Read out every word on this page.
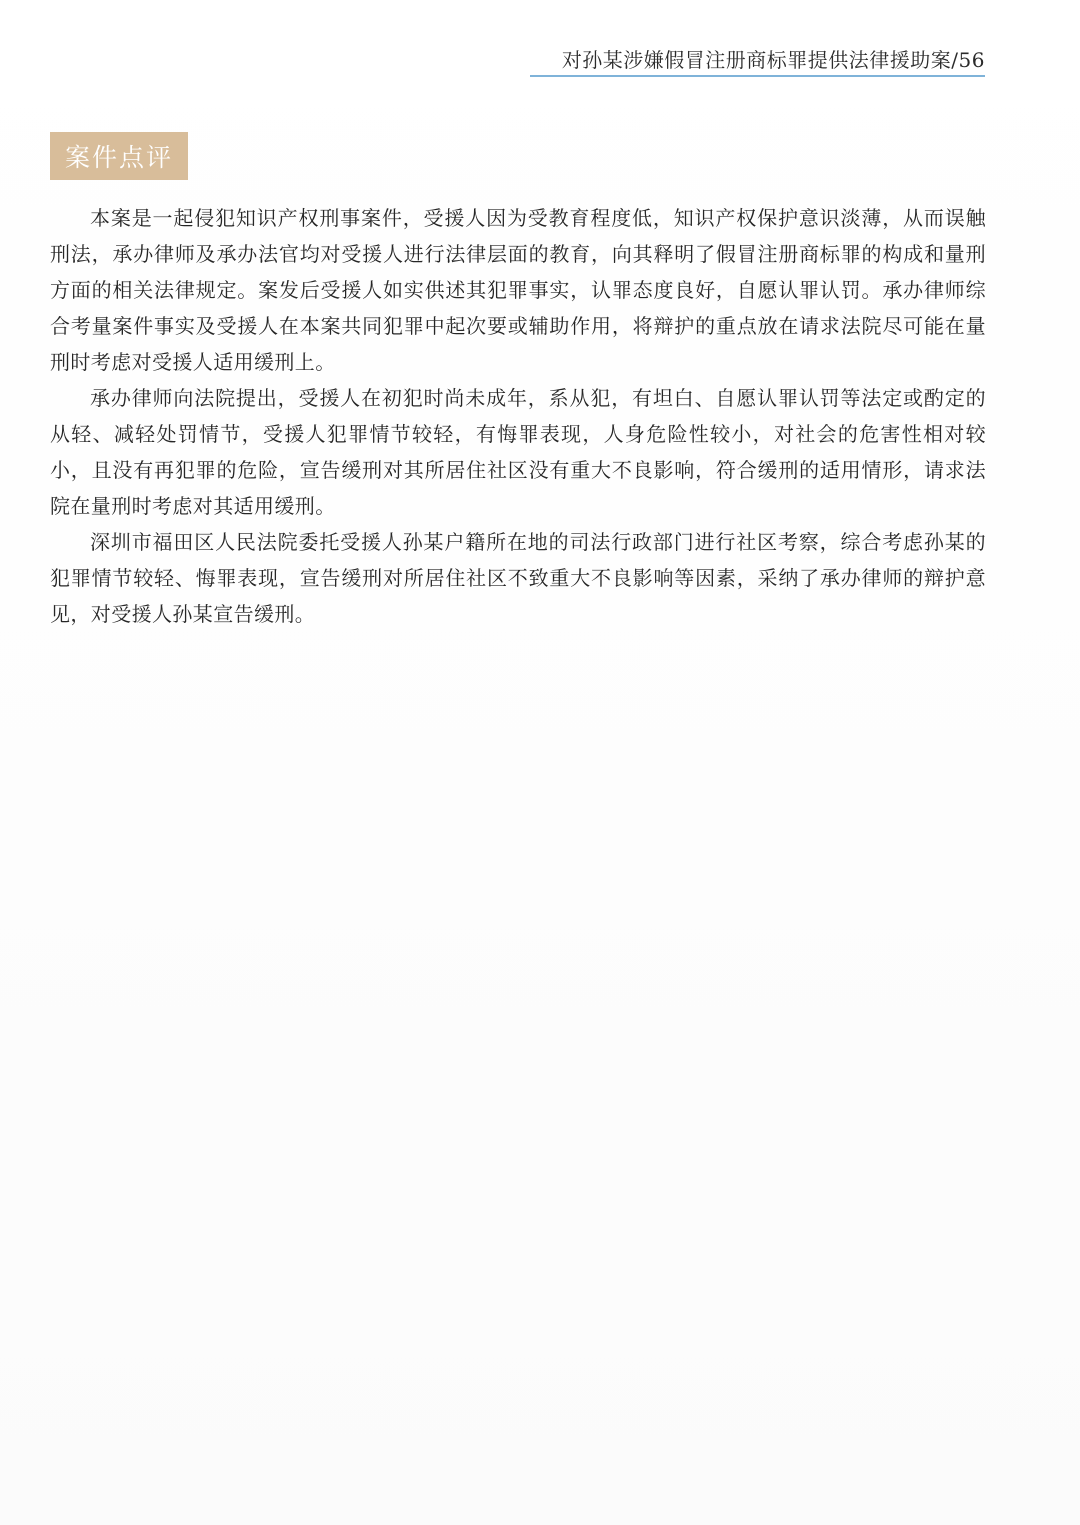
对孙某涉嫌假冒注册商标罪提供法律援助案/56
案件点评

本案是一起侵犯知识产权刑事案件，受援人因为受教育程度低，知识产权保护意识淡薄，从而误触刑法，承办律师及承办法官均对受援人进行法律层面的教育，向其释明了假冒注册商标罪的构成和量刑方面的相关法律规定。案发后受援人如实供述其犯罪事实，认罪态度良好，自愿认罪认罚。承办律师综合考量案件事实及受援人在本案共同犯罪中起次要或辅助作用，将辩护的重点放在请求法院尽可能在量刑时考虑对受援人适用缓刑上。

承办律师向法院提出，受援人在初犯时尚未成年，系从犯，有坦白、自愿认罪认罚等法定或酌定的从轻、减轻处罚情节，受援人犯罪情节较轻，有悔罪表现，人身危险性较小，对社会的危害性相对较小，且没有再犯罪的危险，宣告缓刑对其所居住社区没有重大不良影响，符合缓刑的适用情形，请求法院在量刑时考虑对其适用缓刑。

深圳市福田区人民法院委托受援人孙某户籍所在地的司法行政部门进行社区考察，综合考虑孙某的犯罪情节较轻、悔罪表现，宣告缓刑对所居住社区不致重大不良影响等因素，采纳了承办律师的辩护意见，对受援人孙某宣告缓刑。
